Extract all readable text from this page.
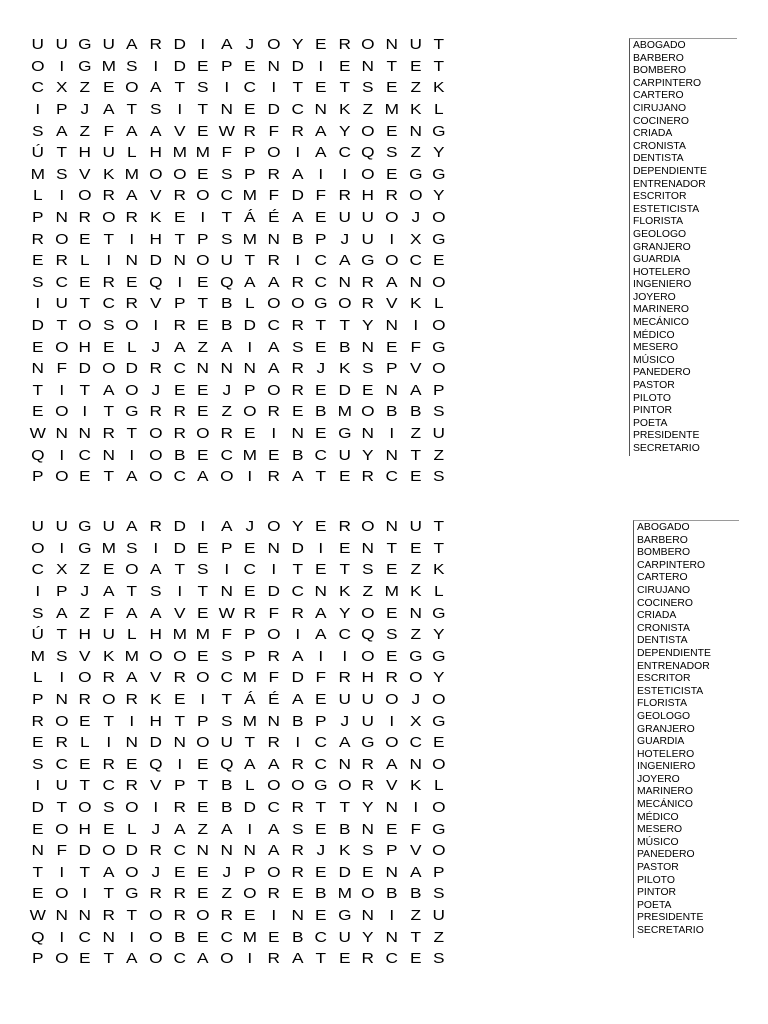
U U G U A R D I	A J O Y E R O N U T
O I G M S	I D E P E N D I	E N T E T
C X Z E O A T S	I C I	T E T S E Z K
I	P J A T S	I	T N E D C N K Z M K L
S A Z F A A V E W R F R A Y O E N G
Ú T H U L H M M F P O I	A C Q S Z Y
M S V K M O O E S P R A	I	I O E G G
L	I O R A V R O C M F D F R H R O Y
P N R O R K E	I	T Á É A E U U O J O
R O E T	I H T P S M N B P J U I	X G
E R L	I N D N O U T R I C A G O C E
S C E R E Q I	E Q A A R C N R A N O
I U T C R V P T B L O O G O R V K L
D T O S O I R E B D C R T T Y N I O
E O H E L J A Z A	I	A S E B N E F G
N F D O D R C N N N A R J K S P V O
T	I	T A O J E E J P O R E D E N A P
E O I	T G R R E Z O R E B M O B B S
W N N R T O R O R E	I N E G N I	Z U
Q I C N I O B E C M E B C U Y N T Z
P O E T A O C A O I R A T E R C E S
ABOGADO
BARBERO
BOMBERO
CARPINTERO
CARTERO
CIRUJANO
COCINERO
CRIADA
CRONISTA
DENTISTA
DEPENDIENTE
ENTRENADOR
ESCRITOR
ESTETICISTA
FLORISTA
GEOLOGO
GRANJERO
GUARDIA
HOTELERO
INGENIERO
JOYERO
MARINERO
MECÁNICO
MÉDICO
MESERO
MÚSICO
PANEDERO
PASTOR
PILOTO
PINTOR
POETA
PRESIDENTE
SECRETARIO
U U G U A R D I	A J O Y E R O N U T
O I G M S	I D E P E N D I	E N T E T
C X Z E O A T S	I C I	T E T S E Z K
I	P J A T S	I	T N E D C N K Z M K L
S A Z F A A V E W R F R A Y O E N G
Ú T H U L H M M F P O I	A C Q S Z Y
M S V K M O O E S P R A	I	I O E G G
L	I O R A V R O C M F D F R H R O Y
P N R O R K E	I	T Á É A E U U O J O
R O E T	I H T P S M N B P J U I	X G
E R L	I N D N O U T R I C A G O C E
S C E R E Q I	E Q A A R C N R A N O
I U T C R V P T B L O O G O R V K L
D T O S O I R E B D C R T T Y N I O
E O H E L J A Z A	I	A S E B N E F G
N F D O D R C N N N A R J K S P V O
T	I	T A O J E E J P O R E D E N A P
E O I	T G R R E Z O R E B M O B B S
W N N R T O R O R E	I N E G N I	Z U
Q I C N I O B E C M E B C U Y N T Z
P O E T A O C A O I R A T E R C E S
ABOGADO
BARBERO
BOMBERO
CARPINTERO
CARTERO
CIRUJANO
COCINERO
CRIADA
CRONISTA
DENTISTA
DEPENDIENTE
ENTRENADOR
ESCRITOR
ESTETICISTA
FLORISTA
GEOLOGO
GRANJERO
GUARDIA
HOTELERO
INGENIERO
JOYERO
MARINERO
MECÁNICO
MÉDICO
MESERO
MÚSICO
PANEDERO
PASTOR
PILOTO
PINTOR
POETA
PRESIDENTE
SECRETARIO
